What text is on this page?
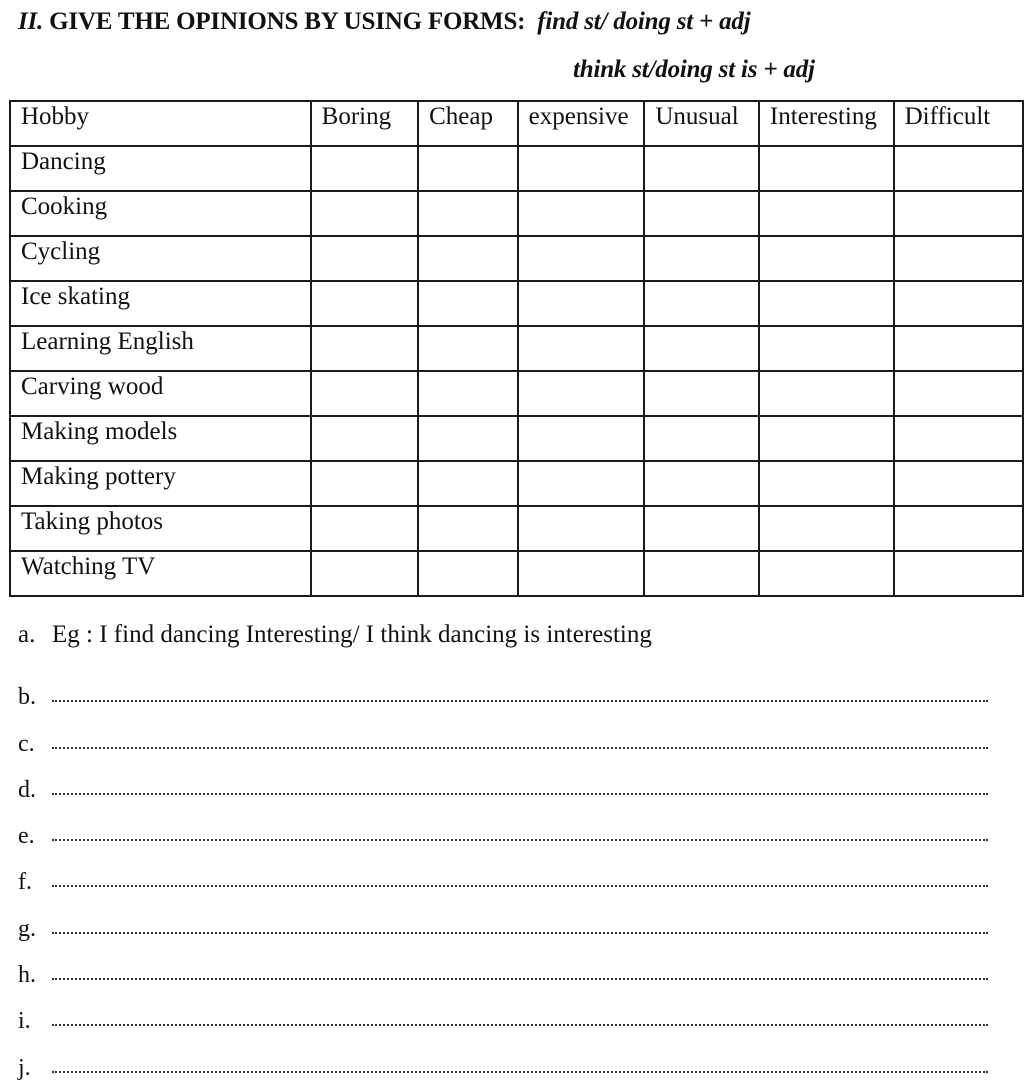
II. GIVE THE OPINIONS BY USING FORMS: find st/ doing st + adj
think st/doing st is + adj
Hobby	Boring	Cheap	expensive	Unusual	Interesting	Difficult
Dancing						
Cooking						
Cycling						
Ice skating						
Learning English						
Carving wood						
Making models						
Making pottery						
Taking photos						
Watching TV						
a. Eg : I find dancing Interesting/ I think dancing is interesting
b.
c.
d.
e.
f.
g.
h.
i.
j.
